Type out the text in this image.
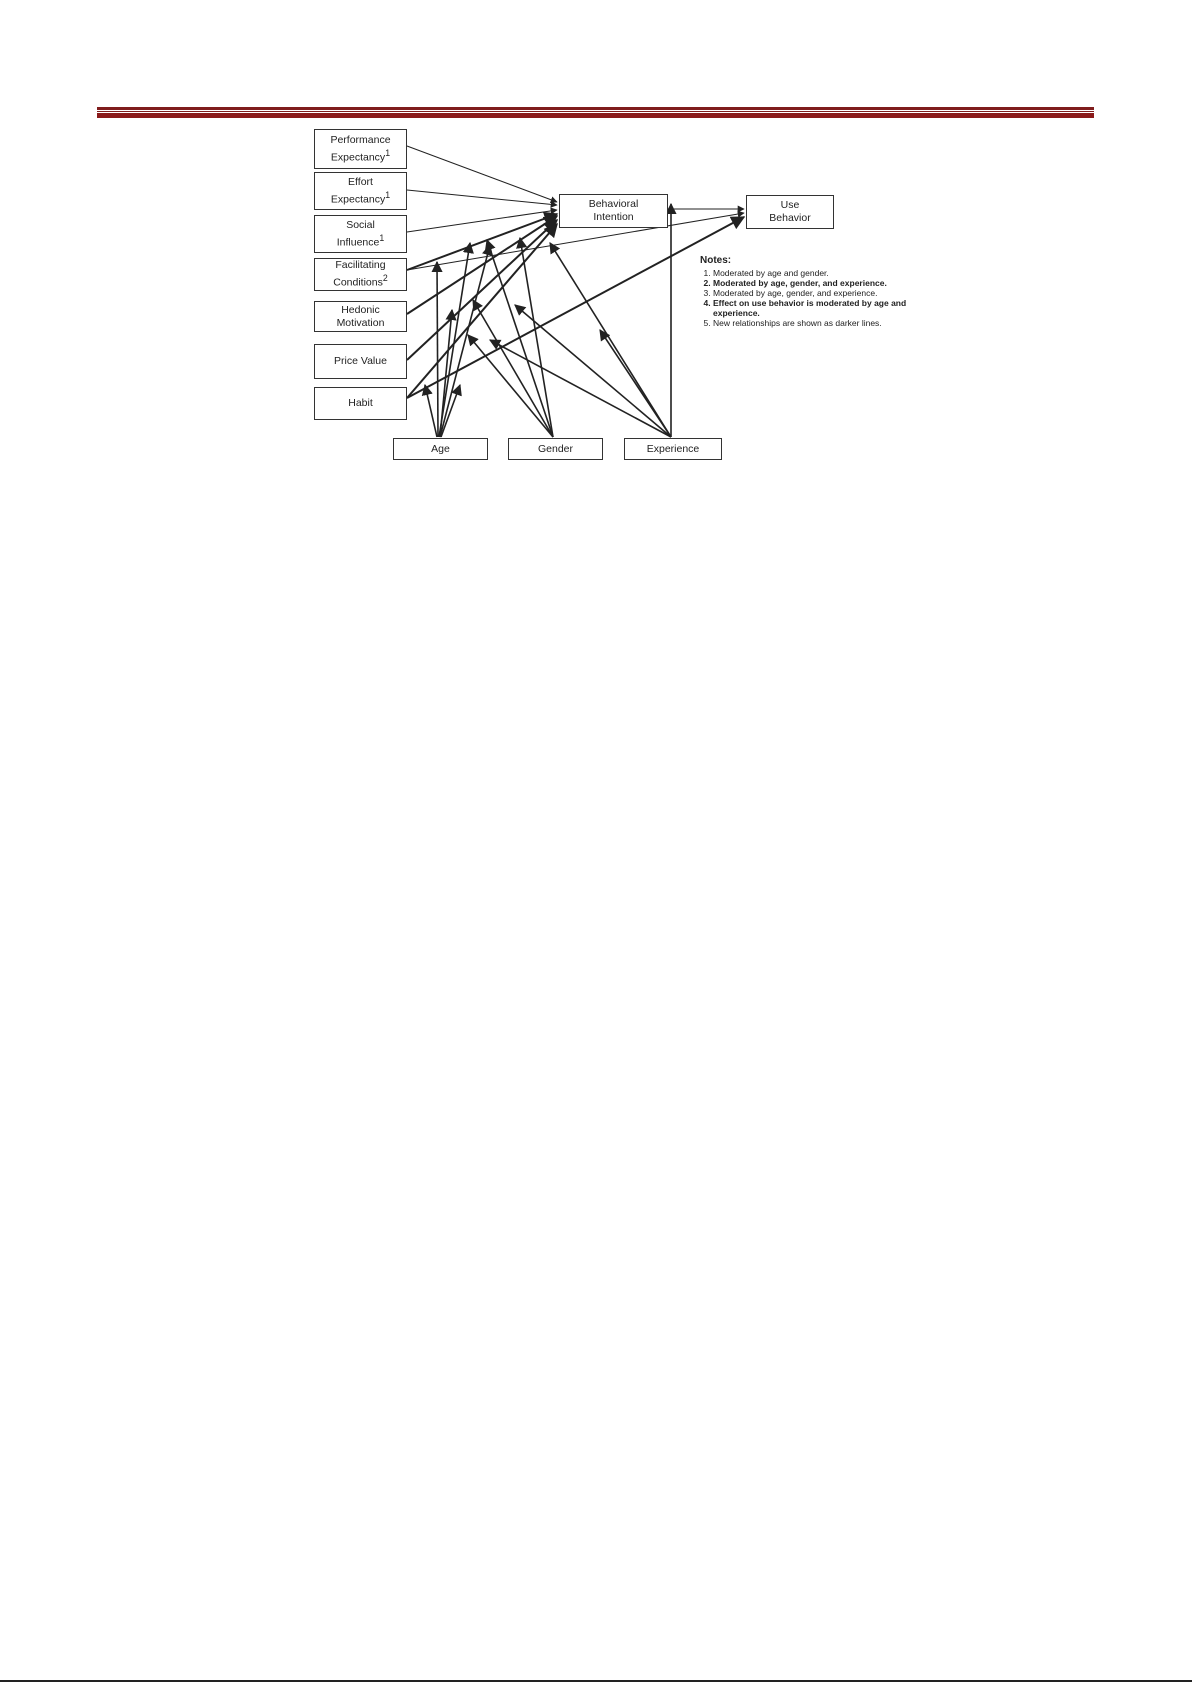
Performance
Expectancy$^1$
Effort
Expectancy$^1$
Social
Influence$^1$
Facilitating
Conditions$^2$
Hedonic
Motivation
Price Value
Habit
Behavioral
Intention
Use
Behavior
Age	Gender	Experience
Notes:
1. Moderated by age and gender.
2. Moderated by age, gender, and experience.
3. Moderated by age, gender, and experience.
4. Effect on use behavior is moderated by age and experience.
5. New relationships are shown as darker lines.
